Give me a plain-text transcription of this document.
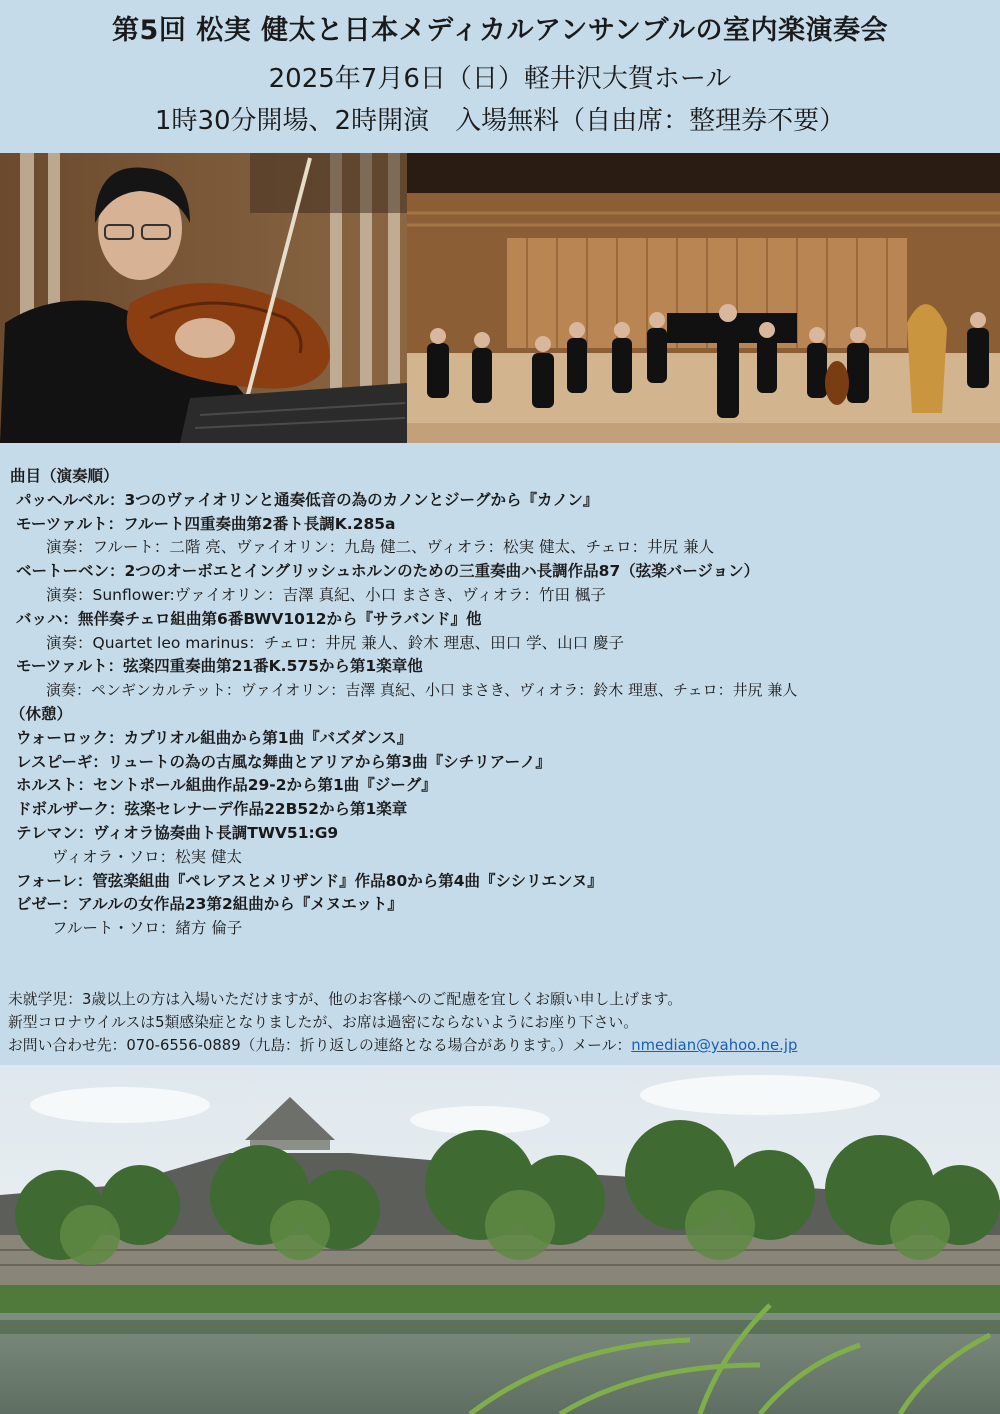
第5回 松実 健太と日本メディカルアンサンブルの室内楽演奏会
2025年7月6日（日）軽井沢大賀ホール
1時30分開場、2時開演　入場無料（自由席：整理券不要）
曲目（演奏順）
パッヘルベル：3つのヴァイオリンと通奏低音の為のカノンとジーグから『カノン』
モーツァルト：フルート四重奏曲第2番ト長調K.285a
演奏：フルート：二階 亮、ヴァイオリン：九島 健二、ヴィオラ：松実 健太、チェロ：井尻 兼人
ベートーベン：2つのオーボエとイングリッシュホルンのための三重奏曲ハ長調作品87（弦楽バージョン）
演奏：Sunflower:ヴァイオリン：吉澤 真紀、小口 まさき、ヴィオラ：竹田 楓子
バッハ：無伴奏チェロ組曲第6番BWV1012から『サラバンド』他
演奏：Quartet leo marinus：チェロ：井尻 兼人、鈴木 理恵、田口 学、山口 慶子
モーツァルト：弦楽四重奏曲第21番K.575から第1楽章他
演奏：ペンギンカルテット：ヴァイオリン：吉澤 真紀、小口 まさき、ヴィオラ：鈴木 理恵、チェロ：井尻 兼人
（休憩）
ウォーロック：カプリオル組曲から第1曲『バズダンス』
レスピーギ：リュートの為の古風な舞曲とアリアから第3曲『シチリアーノ』
ホルスト：セントポール組曲作品29-2から第1曲『ジーグ』
ドボルザーク：弦楽セレナーデ作品22B52から第1楽章
テレマン：ヴィオラ協奏曲ト長調TWV51:G9
ヴィオラ・ソロ：松実 健太
フォーレ：管弦楽組曲『ペレアスとメリザンド』作品80から第4曲『シシリエンヌ』
ビゼー：アルルの女作品23第2組曲から『メヌエット』
フルート・ソロ：緒方 倫子
未就学児：3歳以上の方は入場いただけますが、他のお客様へのご配慮を宜しくお願い申し上げます。
新型コロナウイルスは5類感染症となりましたが、お席は過密にならないようにお座り下さい。
お問い合わせ先：070-6556-0889（九島：折り返しの連絡となる場合があります。）メール：nmedian@yahoo.ne.jp
